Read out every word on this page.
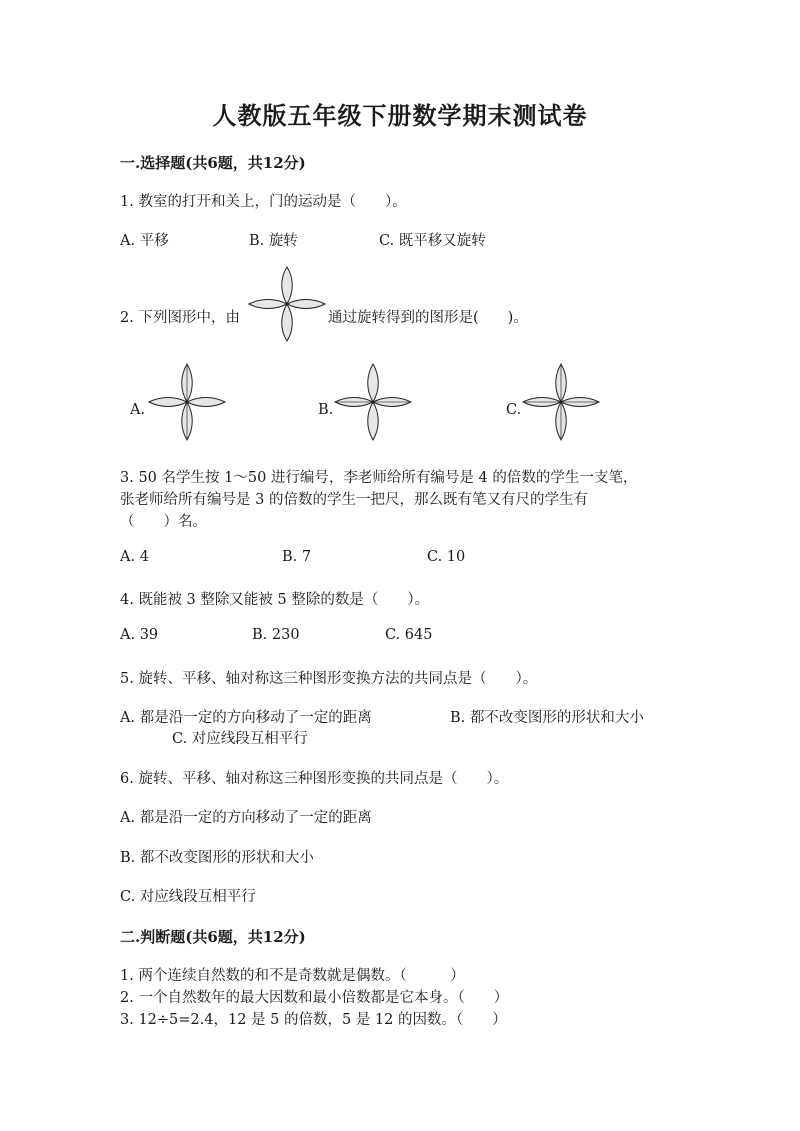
人教版五年级下册数学期末测试卷
一.选择题(共6题，共12分)
1. 教室的打开和关上，门的运动是（　　）。
A. 平移	B. 旋转	C. 既平移又旋转
2. 下列图形中，由	通过旋转得到的图形是(　　)。
A.	B.	C.
3. 50 名学生按 1～50 进行编号，李老师给所有编号是 4 的倍数的学生一支笔，
张老师给所有编号是 3 的倍数的学生一把尺，那么既有笔又有尺的学生有
（　　）名。
A. 4	B. 7	C. 10
4. 既能被 3 整除又能被 5 整除的数是（　　）。
A. 39	B. 230	C. 645
5. 旋转、平移、轴对称这三种图形变换方法的共同点是（　　）。
A. 都是沿一定的方向移动了一定的距离	B. 都不改变图形的形状和大小
C. 对应线段互相平行
6. 旋转、平移、轴对称这三种图形变换的共同点是（　　）。
A. 都是沿一定的方向移动了一定的距离
B. 都不改变图形的形状和大小
C. 对应线段互相平行
二.判断题(共6题，共12分)
1. 两个连续自然数的和不是奇数就是偶数。（　　　）
2. 一个自然数年的最大因数和最小倍数都是它本身。（　　）
3. 12÷5=2.4，12 是 5 的倍数，5 是 12 的因数。（　　）
